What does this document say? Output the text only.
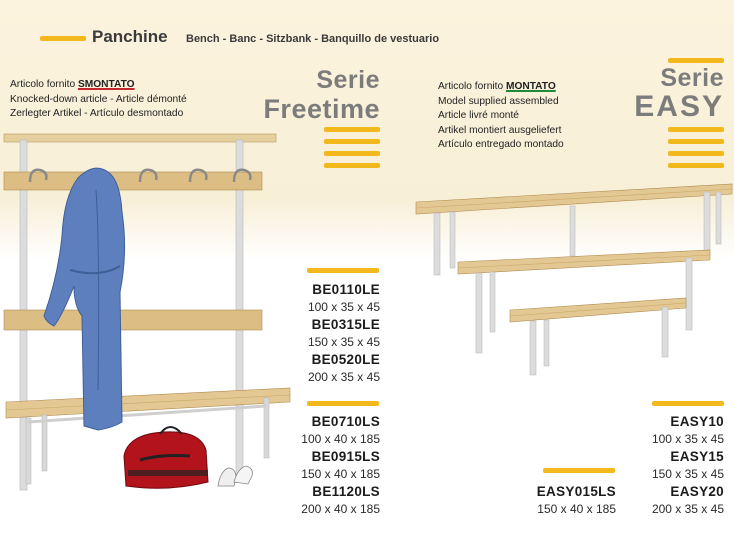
Panchine Bench - Banc - Sitzbank - Banquillo de vestuario
Articolo fornito SMONTATO
Knocked-down article - Article démonté
Zerlegter Artikel - Artículo desmontado
Serie
Freetime
Articolo fornito MONTATO
Model supplied assembled
Article livré monté
Artikel montiert ausgeliefert
Artículo entregado montado
Serie
EASY
BE0110LE
100 x 35 x 45
BE0315LE
150 x 35 x 45
BE0520LE
200 x 35 x 45
BE0710LS
100 x 40 x 185
BE0915LS
150 x 40 x 185
BE1120LS
200 x 40 x 185
EASY10
100 x 35 x 45
EASY15
150 x 35 x 45
EASY20
200 x 35 x 45
EASY015LS
150 x 40 x 185
